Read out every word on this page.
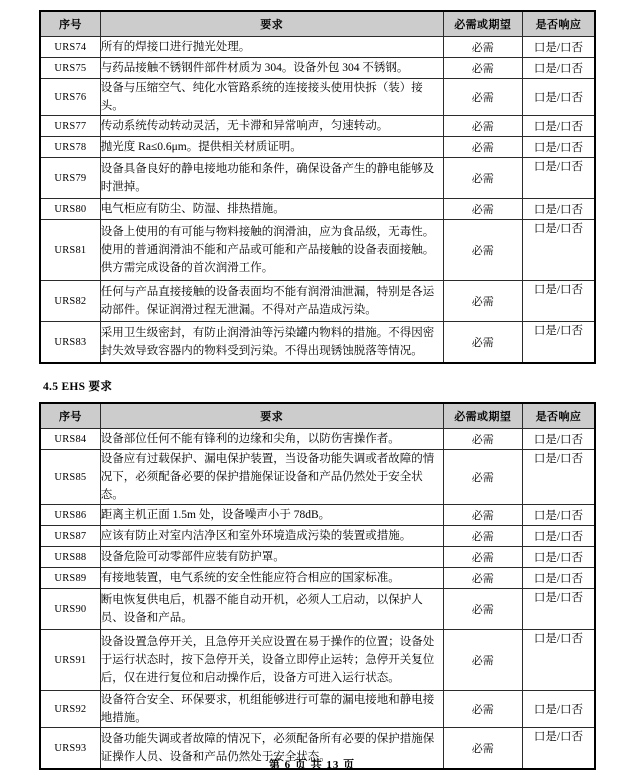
序号	要求	必需或期望	是否响应
URS74	所有的焊接口进行抛光处理。	必需	口是/口否
URS75	与药品接触不锈钢件部件材质为 304。设备外包 304 不锈钢。	必需	口是/口否
URS76	设备与压缩空气、纯化水管路系统的连接接头使用快拆（装）接头。	必需	口是/口否
URS77	传动系统传动转动灵活，无卡滞和异常响声，匀速转动。	必需	口是/口否
URS78	抛光度 Ra≤0.6μm。提供相关材质证明。	必需	口是/口否
URS79	设备具备良好的静电接地功能和条件，确保设备产生的静电能够及时泄掉。	必需	口是/口否
URS80	电气柜应有防尘、防湿、排热措施。	必需	口是/口否
URS81	设备上使用的有可能与物料接触的润滑油，应为食品级，无毒性。使用的普通润滑油不能和产品或可能和产品接触的设备表面接触。供方需完成设备的首次润滑工作。	必需	口是/口否
URS82	任何与产品直接接触的设备表面均不能有润滑油泄漏，特别是各运动部件。保证润滑过程无泄漏。不得对产品造成污染。	必需	口是/口否
URS83	采用卫生级密封，有防止润滑油等污染罐内物料的措施。不得因密封失效导致容器内的物料受到污染。不得出现锈蚀脱落等情况。	必需	口是/口否
4.5 EHS 要求
序号	要求	必需或期望	是否响应
URS84	设备部位任何不能有锋利的边缘和尖角，以防伤害操作者。	必需	口是/口否
URS85	设备应有过载保护、漏电保护装置，当设备功能失调或者故障的情况下，必须配备必要的保护措施保证设备和产品仍然处于安全状态。	必需	口是/口否
URS86	距离主机正面 1.5m 处，设备噪声小于 78dB。	必需	口是/口否
URS87	应该有防止对室内洁净区和室外环境造成污染的装置或措施。	必需	口是/口否
URS88	设备危险可动零部件应装有防护罩。	必需	口是/口否
URS89	有接地装置，电气系统的安全性能应符合相应的国家标准。	必需	口是/口否
URS90	断电恢复供电后，机器不能自动开机，必须人工启动，以保护人员、设备和产品。	必需	口是/口否
URS91	设备设置急停开关，且急停开关应设置在易于操作的位置；设备处于运行状态时，按下急停开关，设备立即停止运转；急停开关复位后，仅在进行复位和启动操作后，设备方可进入运行状态。	必需	口是/口否
URS92	设备符合安全、环保要求，机组能够进行可靠的漏电接地和静电接地措施。	必需	口是/口否
URS93	设备功能失调或者故障的情况下，必须配备所有必要的保护措施保证操作人员、设备和产品仍然处于安全状态。	必需	口是/口否
第 6 页 共 13 页
